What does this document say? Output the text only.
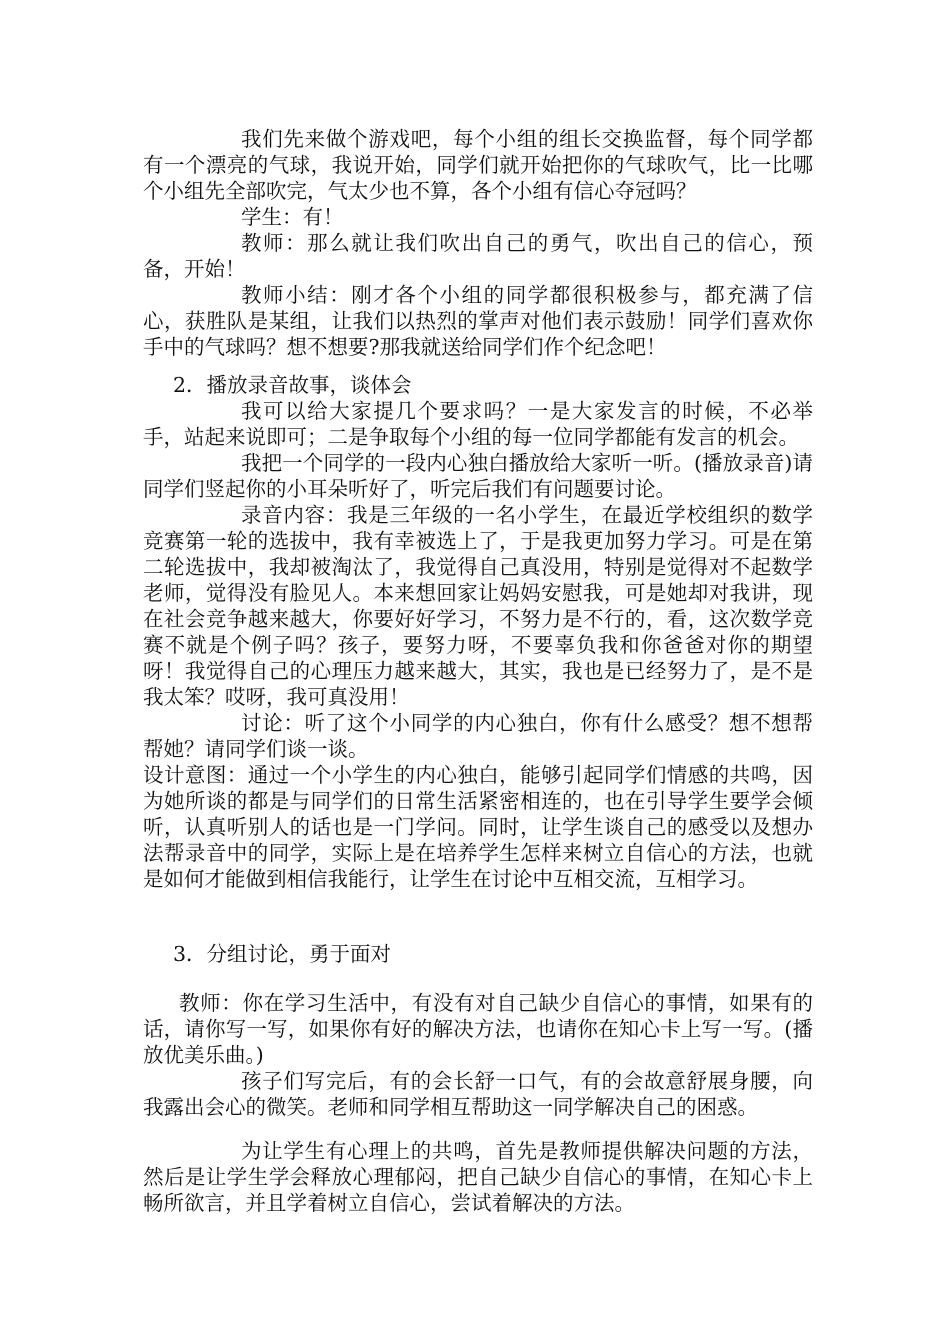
我们先来做个游戏吧，每个小组的组长交换监督，每个同学都有一个漂亮的气球，我说开始，同学们就开始把你的气球吹气，比一比哪个小组先全部吹完，气太少也不算，各个小组有信心夺冠吗？

学生：有！

教师：那么就让我们吹出自己的勇气，吹出自己的信心，预备，开始！

教师小结：刚才各个小组的同学都很积极参与，都充满了信心，获胜队是某组，让我们以热烈的掌声对他们表示鼓励！同学们喜欢你手中的气球吗？想不想要?那我就送给同学们作个纪念吧！

2．播放录音故事，谈体会

我可以给大家提几个要求吗？一是大家发言的时候，不必举手，站起来说即可；二是争取每个小组的每一位同学都能有发言的机会。

我把一个同学的一段内心独白播放给大家听一听。(播放录音)请同学们竖起你的小耳朵听好了，听完后我们有问题要讨论。

录音内容：我是三年级的一名小学生，在最近学校组织的数学竞赛第一轮的选拔中，我有幸被选上了，于是我更加努力学习。可是在第二轮选拔中，我却被淘汰了，我觉得自己真没用，特别是觉得对不起数学老师，觉得没有脸见人。本来想回家让妈妈安慰我，可是她却对我讲，现在社会竞争越来越大，你要好好学习，不努力是不行的，看，这次数学竞赛不就是个例子吗？孩子，要努力呀，不要辜负我和你爸爸对你的期望呀！我觉得自己的心理压力越来越大，其实，我也是已经努力了，是不是我太笨？哎呀，我可真没用！

讨论：听了这个小同学的内心独白，你有什么感受？想不想帮帮她？请同学们谈一谈。

设计意图：通过一个小学生的内心独白，能够引起同学们情感的共鸣，因为她所谈的都是与同学们的日常生活紧密相连的，也在引导学生要学会倾听，认真听别人的话也是一门学问。同时，让学生谈自己的感受以及想办法帮录音中的同学，实际上是在培养学生怎样来树立自信心的方法，也就是如何才能做到相信我能行，让学生在讨论中互相交流，互相学习。

3．分组讨论，勇于面对

教师：你在学习生活中，有没有对自己缺少自信心的事情，如果有的话，请你写一写，如果你有好的解决方法，也请你在知心卡上写一写。(播放优美乐曲。)

孩子们写完后，有的会长舒一口气，有的会故意舒展身腰，向我露出会心的微笑。老师和同学相互帮助这一同学解决自己的困惑。

为让学生有心理上的共鸣，首先是教师提供解决问题的方法，然后是让学生学会释放心理郁闷，把自己缺少自信心的事情，在知心卡上畅所欲言，并且学着树立自信心，尝试着解决的方法。
